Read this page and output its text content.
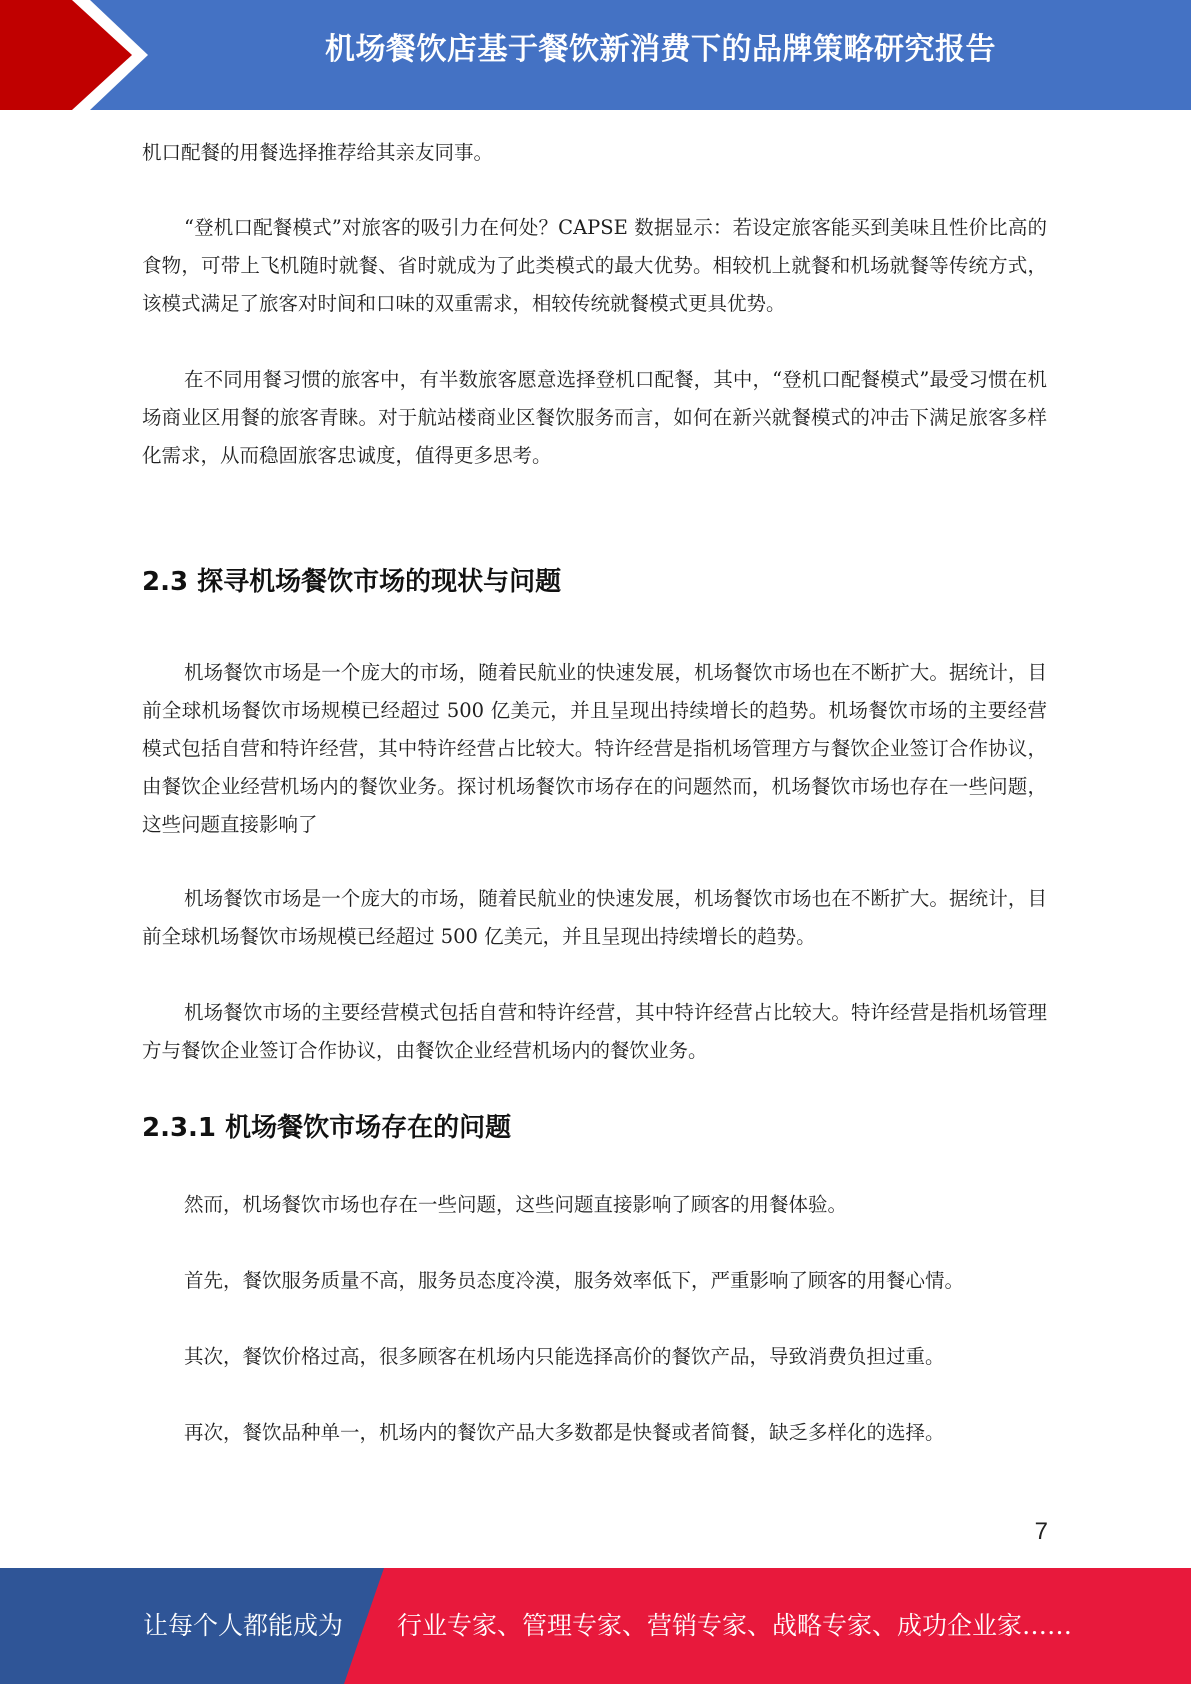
机场餐饮店基于餐饮新消费下的品牌策略研究报告

机口配餐的用餐选择推荐给其亲友同事。

“登机口配餐模式”对旅客的吸引力在何处？CAPSE 数据显示：若设定旅客能买到美味且性价比高的食物，可带上飞机随时就餐、省时就成为了此类模式的最大优势。相较机上就餐和机场就餐等传统方式，该模式满足了旅客对时间和口味的双重需求，相较传统就餐模式更具优势。

在不同用餐习惯的旅客中，有半数旅客愿意选择登机口配餐，其中，“登机口配餐模式”最受习惯在机场商业区用餐的旅客青睐。对于航站楼商业区餐饮服务而言，如何在新兴就餐模式的冲击下满足旅客多样化需求，从而稳固旅客忠诚度，值得更多思考。

2.3 探寻机场餐饮市场的现状与问题

机场餐饮市场是一个庞大的市场，随着民航业的快速发展，机场餐饮市场也在不断扩大。据统计，目前全球机场餐饮市场规模已经超过 500 亿美元，并且呈现出持续增长的趋势。机场餐饮市场的主要经营模式包括自营和特许经营，其中特许经营占比较大。特许经营是指机场管理方与餐饮企业签订合作协议，由餐饮企业经营机场内的餐饮业务。探讨机场餐饮市场存在的问题然而，机场餐饮市场也存在一些问题，这些问题直接影响了

机场餐饮市场是一个庞大的市场，随着民航业的快速发展，机场餐饮市场也在不断扩大。据统计，目前全球机场餐饮市场规模已经超过 500 亿美元，并且呈现出持续增长的趋势。

机场餐饮市场的主要经营模式包括自营和特许经营，其中特许经营占比较大。特许经营是指机场管理方与餐饮企业签订合作协议，由餐饮企业经营机场内的餐饮业务。

2.3.1 机场餐饮市场存在的问题

然而，机场餐饮市场也存在一些问题，这些问题直接影响了顾客的用餐体验。

首先，餐饮服务质量不高，服务员态度冷漠，服务效率低下，严重影响了顾客的用餐心情。

其次，餐饮价格过高，很多顾客在机场内只能选择高价的餐饮产品，导致消费负担过重。

再次，餐饮品种单一，机场内的餐饮产品大多数都是快餐或者简餐，缺乏多样化的选择。

7
让每个人都能成为 行业专家、管理专家、营销专家、战略专家、成功企业家……
